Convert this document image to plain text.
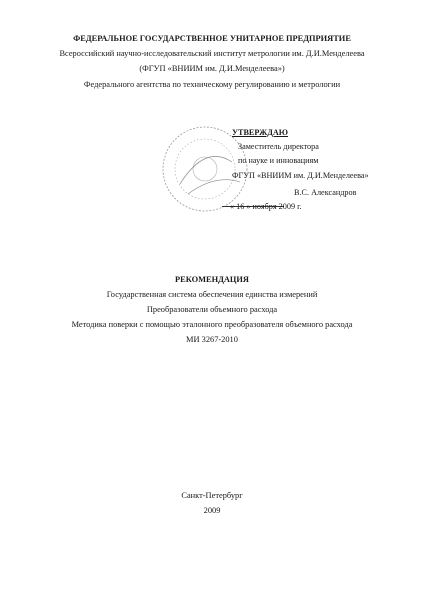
ФЕДЕРАЛЬНОЕ ГОСУДАРСТВЕННОЕ УНИТАРНОЕ ПРЕДПРИЯТИЕ
Всероссийский научно-исследовательский институт метрологии им. Д.И.Менделеева
(ФГУП «ВНИИМ им. Д.И.Менделеева»)
Федерального агентства по техническому регулированию и метрологии
УТВЕРЖДАЮ
Заместитель директора
по науке и инновациям
ФГУП «ВНИИМ им. Д.И.Менделеева»
В.С. Александров
« 16 » ноября 2009 г.
РЕКОМЕНДАЦИЯ
Государственная система обеспечения единства измерений
Преобразователи объемного расхода
Методика поверки с помощью эталонного преобразователя объемного расхода
МИ 3267-2010
Санкт-Петербург
2009
